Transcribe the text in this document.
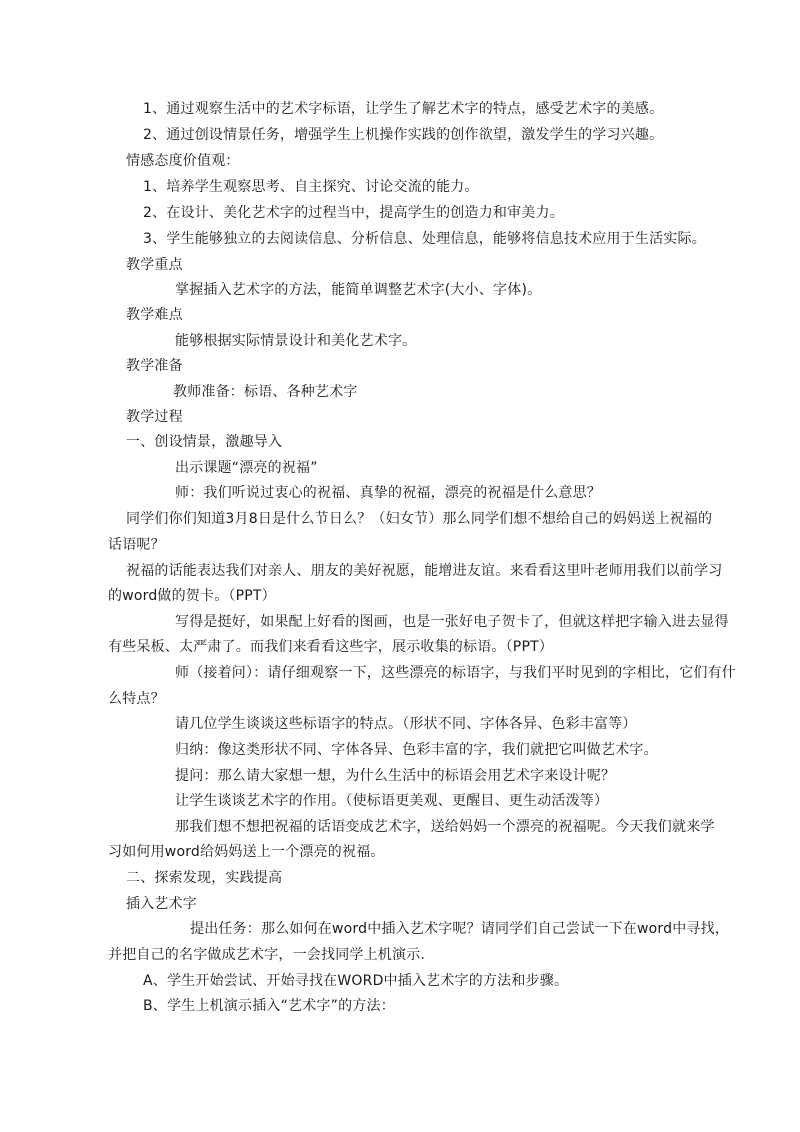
1、通过观察生活中的艺术字标语，让学生了解艺术字的特点，感受艺术字的美感。
2、通过创设情景任务，增强学生上机操作实践的创作欲望，激发学生的学习兴趣。
情感态度价值观：
1、培养学生观察思考、自主探究、讨论交流的能力。
2、在设计、美化艺术字的过程当中，提高学生的创造力和审美力。
3、学生能够独立的去阅读信息、分析信息、处理信息，能够将信息技术应用于生活实际。
教学重点
掌握插入艺术字的方法，能简单调整艺术字(大小、字体)。
教学难点
能够根据实际情景设计和美化艺术字。
教学准备
教师准备：标语、各种艺术字
教学过程
一、创设情景，激趣导入
出示课题“漂亮的祝福”
师：我们听说过衷心的祝福、真挚的祝福，漂亮的祝福是什么意思？
同学们你们知道3月8日是什么节日么？（妇女节）那么同学们想不想给自己的妈妈送上祝福的
话语呢？
祝福的话能表达我们对亲人、朋友的美好祝愿，能增进友谊。来看看这里叶老师用我们以前学习
的word做的贺卡。（PPT）
写得是挺好，如果配上好看的图画，也是一张好电子贺卡了，但就这样把字输入进去显得
有些呆板、太严肃了。而我们来看看这些字，展示收集的标语。（PPT）
师（接着问）：请仔细观察一下，这些漂亮的标语字，与我们平时见到的字相比，它们有什
么特点？
请几位学生谈谈这些标语字的特点。（形状不同、字体各异、色彩丰富等）
归纳：像这类形状不同、字体各异、色彩丰富的字，我们就把它叫做艺术字。
提问：那么请大家想一想，为什么生活中的标语会用艺术字来设计呢？
让学生谈谈艺术字的作用。（使标语更美观、更醒目、更生动活泼等）
那我们想不想把祝福的话语变成艺术字，送给妈妈一个漂亮的祝福呢。今天我们就来学
习如何用word给妈妈送上一个漂亮的祝福。
二、探索发现，实践提高
插入艺术字
提出任务：那么如何在word中插入艺术字呢？请同学们自己尝试一下在word中寻找，
并把自己的名字做成艺术字，一会找同学上机演示.
A、学生开始尝试、开始寻找在WORD中插入艺术字的方法和步骤。
B、学生上机演示插入“艺术字”的方法：
